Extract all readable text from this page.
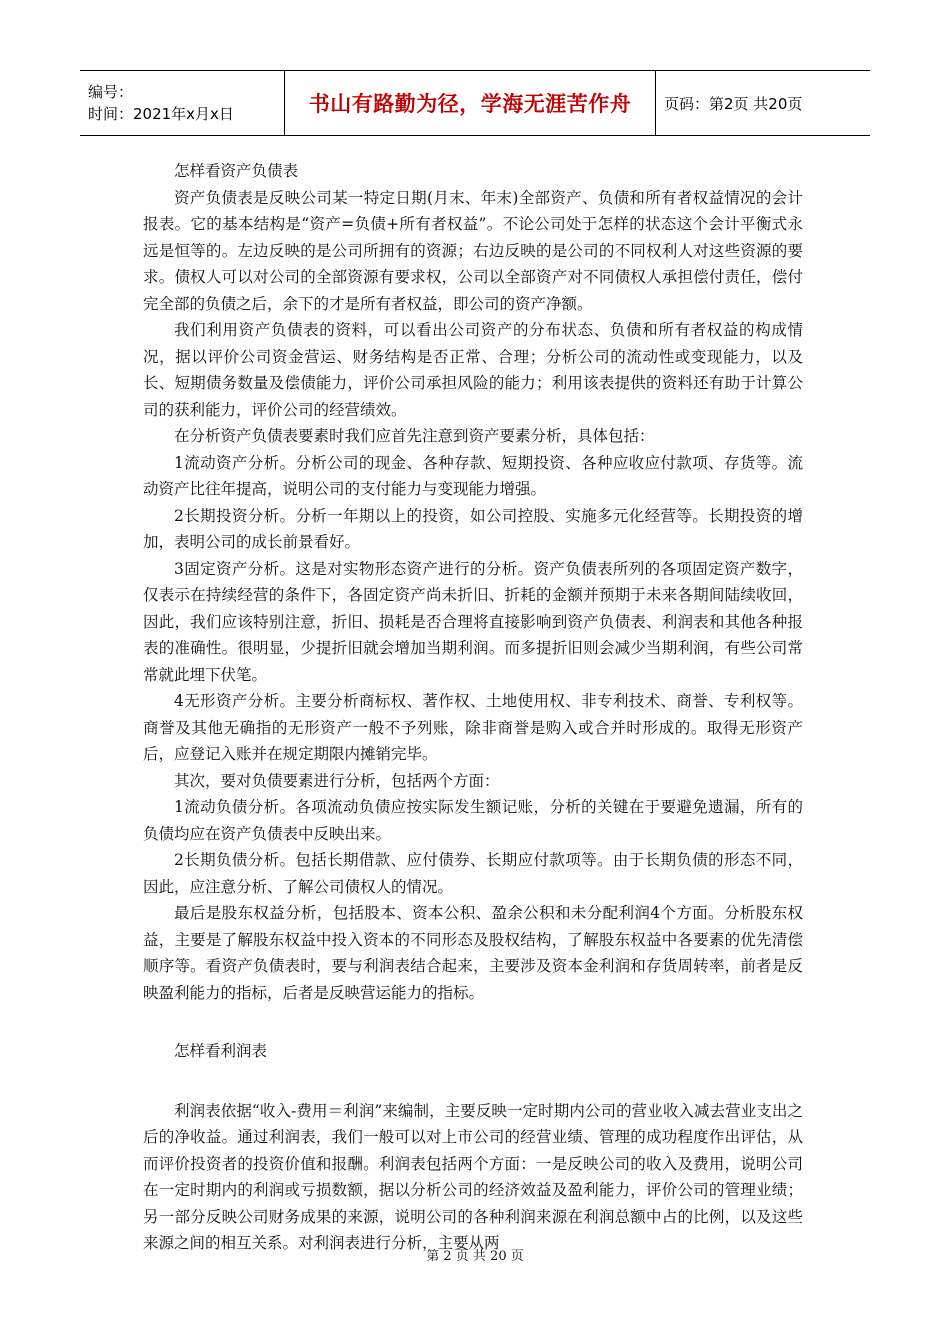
编号：
时间：2021年x月x日	书山有路勤为径，学海无涯苦作舟	页码：第2页 共20页
怎样看资产负债表

资产负债表是反映公司某一特定日期(月末、年末)全部资产、负债和所有者权益情况的会计报表。它的基本结构是“资产=负债+所有者权益”。不论公司处于怎样的状态这个会计平衡式永远是恒等的。左边反映的是公司所拥有的资源；右边反映的是公司的不同权利人对这些资源的要求。债权人可以对公司的全部资源有要求权，公司以全部资产对不同债权人承担偿付责任，偿付完全部的负债之后，余下的才是所有者权益，即公司的资产净额。

我们利用资产负债表的资料，可以看出公司资产的分布状态、负债和所有者权益的构成情况，据以评价公司资金营运、财务结构是否正常、合理；分析公司的流动性或变现能力，以及长、短期债务数量及偿债能力，评价公司承担风险的能力；利用该表提供的资料还有助于计算公司的获利能力，评价公司的经营绩效。

在分析资产负债表要素时我们应首先注意到资产要素分析，具体包括：

1流动资产分析。分析公司的现金、各种存款、短期投资、各种应收应付款项、存货等。流动资产比往年提高，说明公司的支付能力与变现能力增强。

2长期投资分析。分析一年期以上的投资，如公司控股、实施多元化经营等。长期投资的增加，表明公司的成长前景看好。

3固定资产分析。这是对实物形态资产进行的分析。资产负债表所列的各项固定资产数字，仅表示在持续经营的条件下，各固定资产尚未折旧、折耗的金额并预期于未来各期间陆续收回，因此，我们应该特别注意，折旧、损耗是否合理将直接影响到资产负债表、利润表和其他各种报表的准确性。很明显，少提折旧就会增加当期利润。而多提折旧则会减少当期利润，有些公司常常就此埋下伏笔。

4无形资产分析。主要分析商标权、著作权、土地使用权、非专利技术、商誉、专利权等。商誉及其他无确指的无形资产一般不予列账，除非商誉是购入或合并时形成的。取得无形资产后，应登记入账并在规定期限内摊销完毕。

其次，要对负债要素进行分析，包括两个方面：

1流动负债分析。各项流动负债应按实际发生额记账，分析的关键在于要避免遗漏，所有的负债均应在资产负债表中反映出来。

2长期负债分析。包括长期借款、应付债券、长期应付款项等。由于长期负债的形态不同，因此，应注意分析、了解公司债权人的情况。

最后是股东权益分析，包括股本、资本公积、盈余公积和未分配利润4个方面。分析股东权益，主要是了解股东权益中投入资本的不同形态及股权结构，了解股东权益中各要素的优先清偿顺序等。看资产负债表时，要与利润表结合起来，主要涉及资本金利润和存货周转率，前者是反映盈利能力的指标，后者是反映营运能力的指标。

怎样看利润表

利润表依据“收入-费用＝利润”来编制，主要反映一定时期内公司的营业收入减去营业支出之后的净收益。通过利润表，我们一般可以对上市公司的经营业绩、管理的成功程度作出评估，从而评价投资者的投资价值和报酬。利润表包括两个方面：一是反映公司的收入及费用，说明公司在一定时期内的利润或亏损数额，据以分析公司的经济效益及盈利能力，评价公司的管理业绩；另一部分反映公司财务成果的来源，说明公司的各种利润来源在利润总额中占的比例，以及这些来源之间的相互关系。对利润表进行分析，主要从两

第 2 页 共 20 页
